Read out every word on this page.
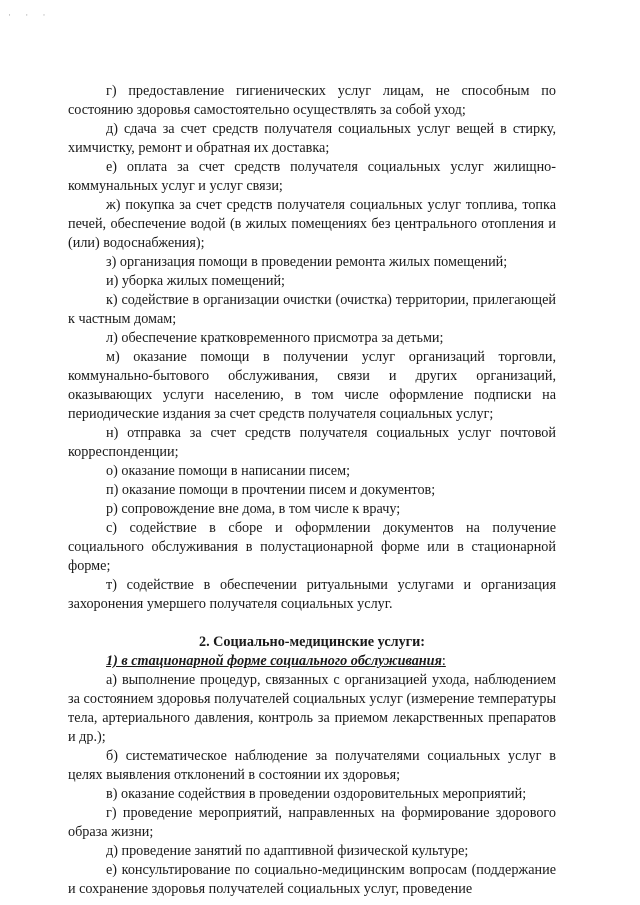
· · ·

г) предоставление гигиенических услуг лицам, не способным по состоянию здоровья самостоятельно осуществлять за собой уход;

д) сдача за счет средств получателя социальных услуг вещей в стирку, химчистку, ремонт и обратная их доставка;

е) оплата за счет средств получателя социальных услуг жилищно-коммунальных услуг и услуг связи;

ж) покупка за счет средств получателя социальных услуг топлива, топка печей, обеспечение водой (в жилых помещениях без центрального отопления и (или) водоснабжения);

з) организация помощи в проведении ремонта жилых помещений;

и) уборка жилых помещений;

к) содействие в организации очистки (очистка) территории, прилегающей к частным домам;

л) обеспечение кратковременного присмотра за детьми;

м) оказание помощи в получении услуг организаций торговли, коммунально-бытового обслуживания, связи и других организаций, оказывающих услуги населению, в том числе оформление подписки на периодические издания за счет средств получателя социальных услуг;

н) отправка за счет средств получателя социальных услуг почтовой корреспонденции;

о) оказание помощи в написании писем;

п) оказание помощи в прочтении писем и документов;

р) сопровождение вне дома, в том числе к врачу;

с) содействие в сборе и оформлении документов на получение социального обслуживания в полустационарной форме или в стационарной форме;

т) содействие в обеспечении ритуальными услугами и организация захоронения умершего получателя социальных услуг.

2. Социально-медицинские услуги:

1) в стационарной форме социального обслуживания:

а) выполнение процедур, связанных с организацией ухода, наблюдением за состоянием здоровья получателей социальных услуг (измерение температуры тела, артериального давления, контроль за приемом лекарственных препаратов и др.);

б) систематическое наблюдение за получателями социальных услуг в целях выявления отклонений в состоянии их здоровья;

в) оказание содействия в проведении оздоровительных мероприятий;

г) проведение мероприятий, направленных на формирование здорового образа жизни;

д) проведение занятий по адаптивной физической культуре;

е) консультирование по социально-медицинским вопросам (поддержание и сохранение здоровья получателей социальных услуг, проведение
